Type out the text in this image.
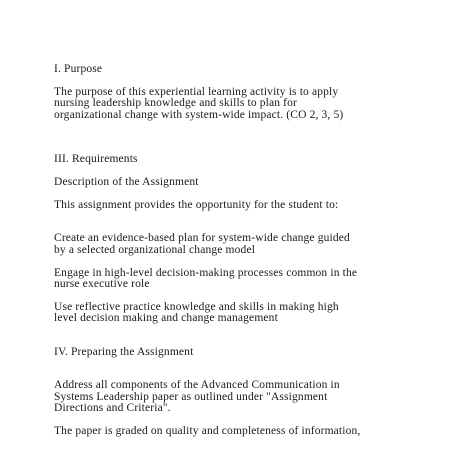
I. Purpose

The purpose of this experiential learning activity is to apply
nursing leadership knowledge and skills to plan for
organizational change with system-wide impact. (CO 2, 3, 5)

III. Requirements

Description of the Assignment

This assignment provides the opportunity for the student to:

Create an evidence-based plan for system-wide change guided
by a selected organizational change model

Engage in high-level decision-making processes common in the
nurse executive role

Use reflective practice knowledge and skills in making high
level decision making and change management

IV. Preparing the Assignment

Address all components of the Advanced Communication in
Systems Leadership paper as outlined under "Assignment
Directions and Criteria".

The paper is graded on quality and completeness of information,
